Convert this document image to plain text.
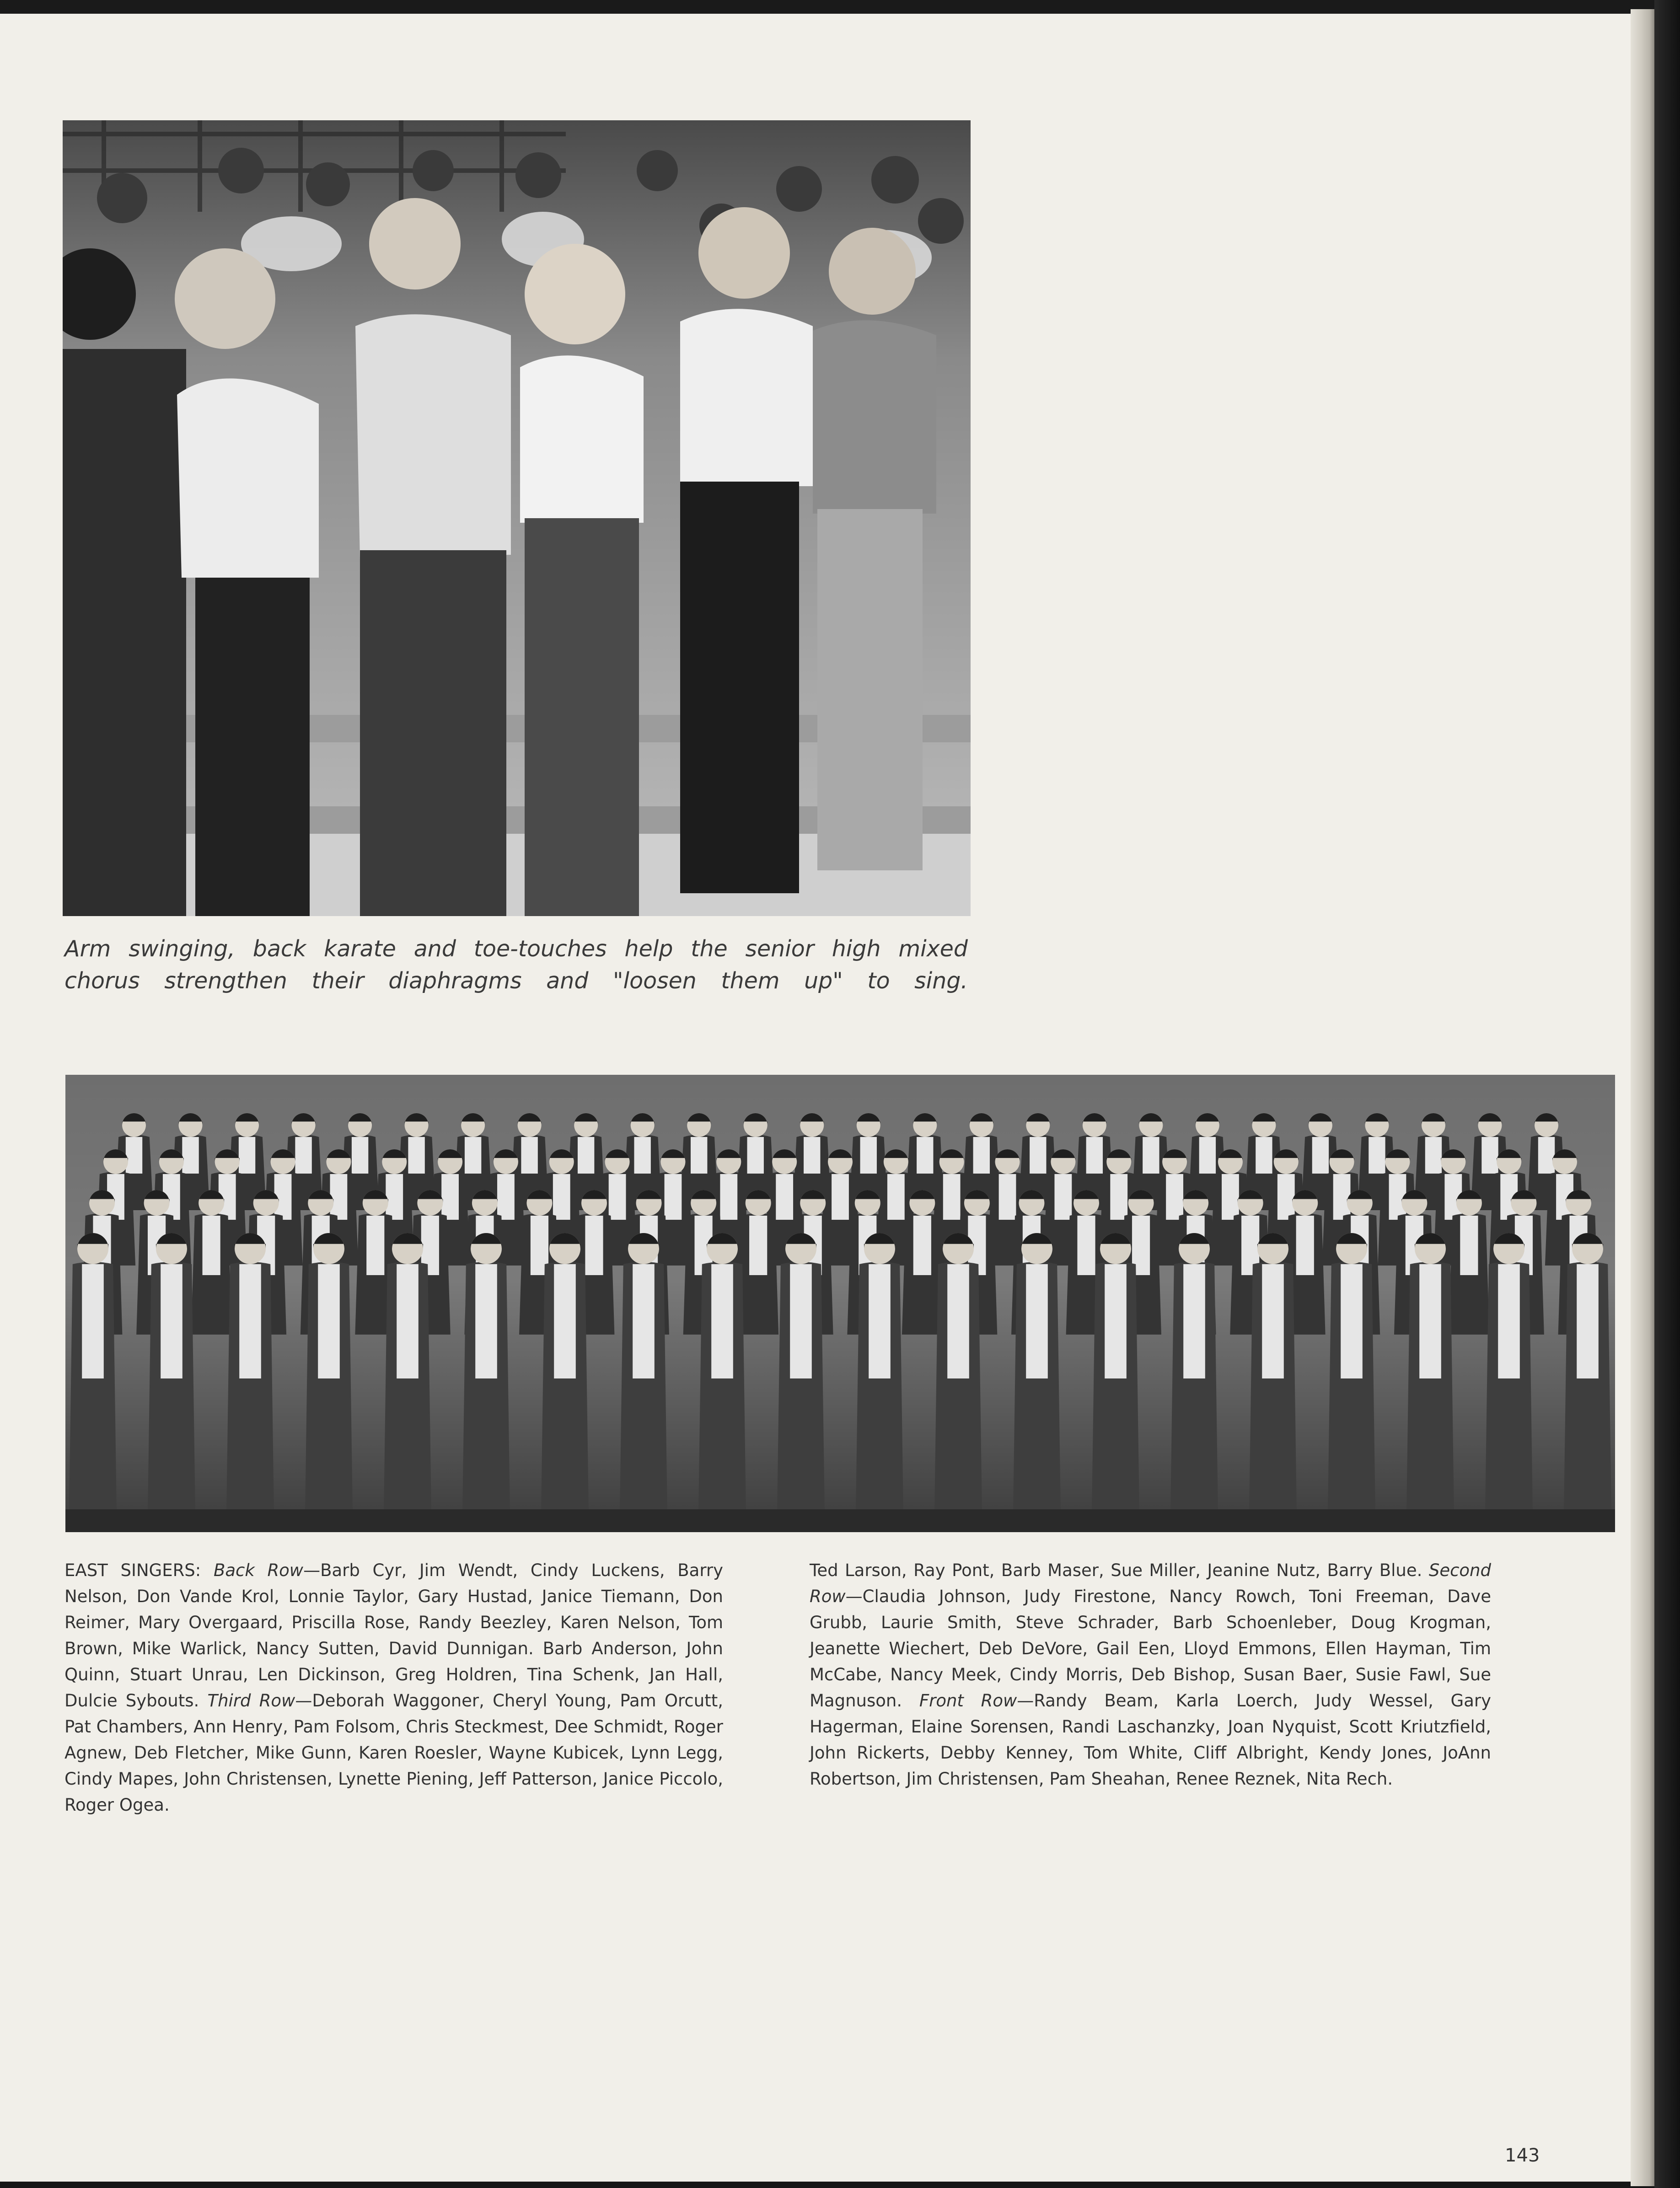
Arm swinging, back karate and toe-touches help the senior high mixed
chorus strengthen their diaphragms and "loosen them up" to sing.
EAST SINGERS: Back Row—Barb Cyr, Jim Wendt, Cindy Luckens, Barry Nelson, Don Vande Krol, Lonnie Taylor, Gary Hustad, Janice Tiemann, Don Reimer, Mary Overgaard, Priscilla Rose, Randy Beezley, Karen Nelson, Tom Brown, Mike Warlick, Nancy Sutten, David Dunnigan. Barb Anderson, John Quinn, Stuart Unrau, Len Dickinson, Greg Holdren, Tina Schenk, Jan Hall, Dulcie Sybouts. Third Row—Deborah Waggoner, Cheryl Young, Pam Orcutt, Pat Chambers, Ann Henry, Pam Folsom, Chris Steckmest, Dee Schmidt, Roger Agnew, Deb Fletcher, Mike Gunn, Karen Roesler, Wayne Kubicek, Lynn Legg, Cindy Mapes, John Christensen, Lynette Piening, Jeff Patterson, Janice Piccolo, Roger Ogea.
Ted Larson, Ray Pont, Barb Maser, Sue Miller, Jeanine Nutz, Barry Blue. Second Row—Claudia Johnson, Judy Firestone, Nancy Rowch, Toni Freeman, Dave Grubb, Laurie Smith, Steve Schrader, Barb Schoenleber, Doug Krogman, Jeanette Wiechert, Deb DeVore, Gail Een, Lloyd Emmons, Ellen Hayman, Tim McCabe, Nancy Meek, Cindy Morris, Deb Bishop, Susan Baer, Susie Fawl, Sue Magnuson. Front Row—Randy Beam, Karla Loerch, Judy Wessel, Gary Hagerman, Elaine Sorensen, Randi Laschanzky, Joan Nyquist, Scott Kriutzfield, John Rickerts, Debby Kenney, Tom White, Cliff Albright, Kendy Jones, JoAnn Robertson, Jim Christensen, Pam Sheahan, Renee Reznek, Nita Rech.
143
